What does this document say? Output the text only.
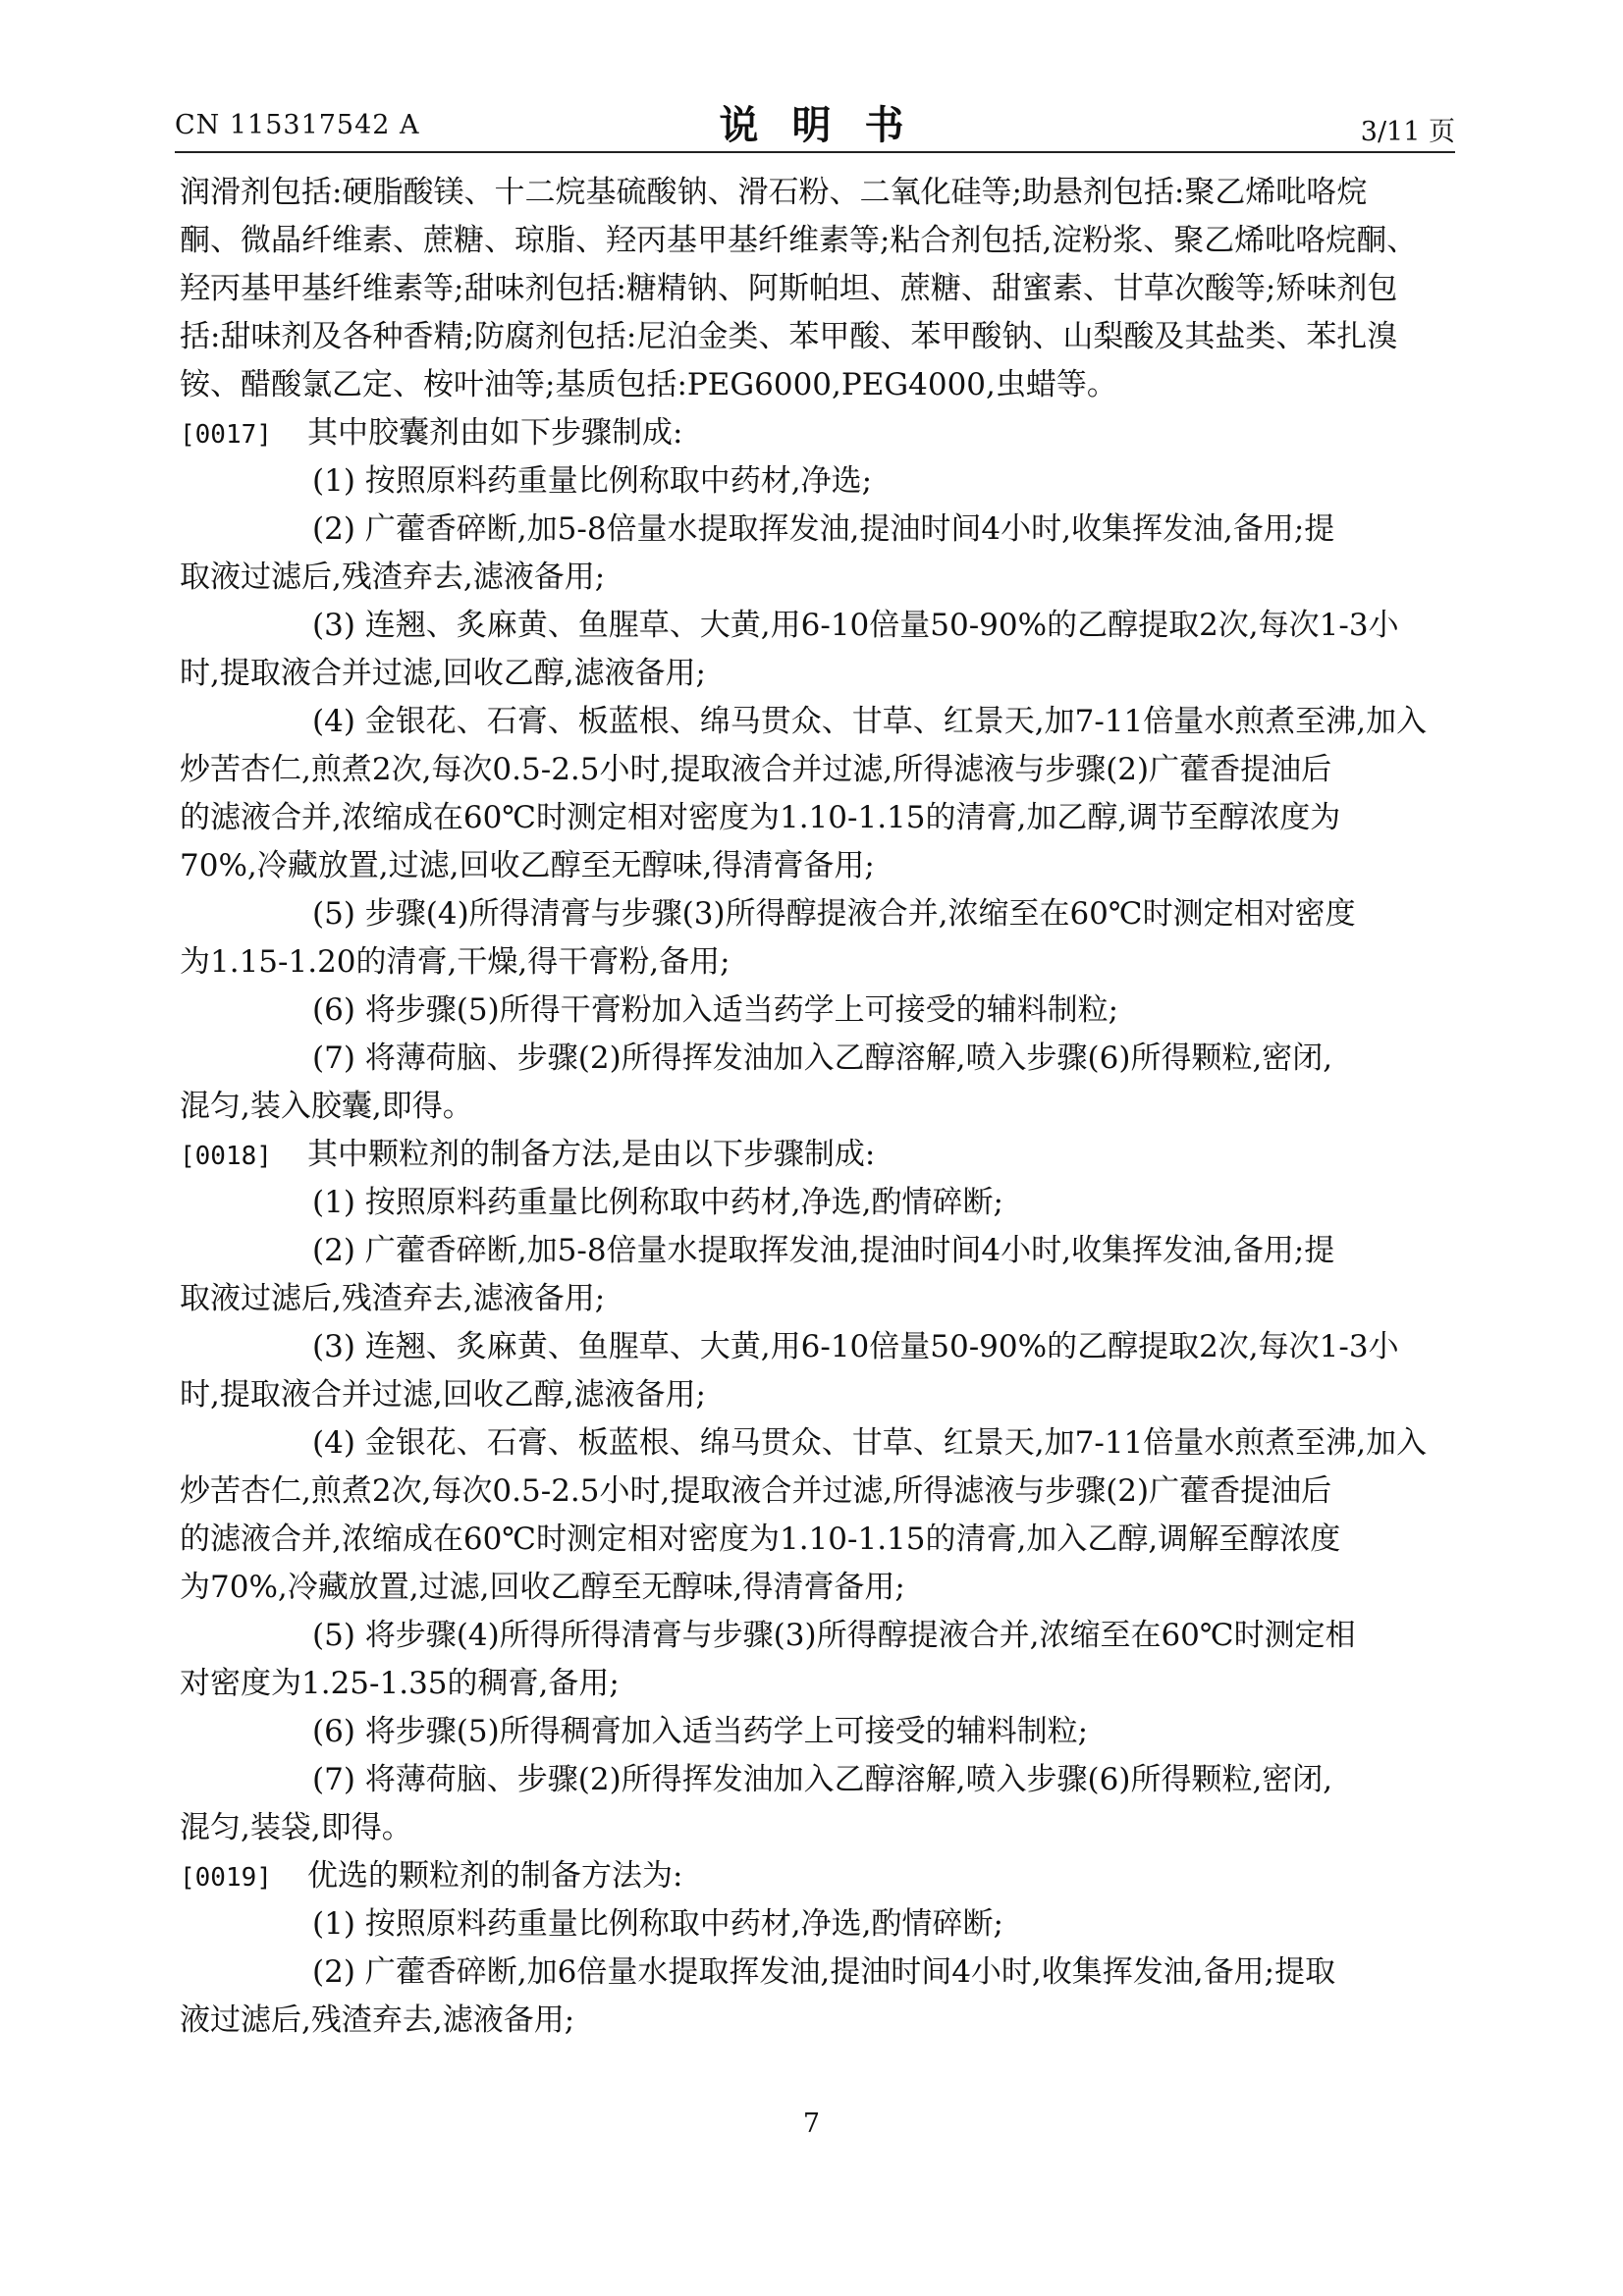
CN 115317542 A	说明书	3/11 页
润滑剂包括:硬脂酸镁、十二烷基硫酸钠、滑石粉、二氧化硅等;助悬剂包括:聚乙烯吡咯烷
酮、微晶纤维素、蔗糖、琼脂、羟丙基甲基纤维素等;粘合剂包括,淀粉浆、聚乙烯吡咯烷酮、
羟丙基甲基纤维素等;甜味剂包括:糖精钠、阿斯帕坦、蔗糖、甜蜜素、甘草次酸等;矫味剂包
括:甜味剂及各种香精;防腐剂包括:尼泊金类、苯甲酸、苯甲酸钠、山梨酸及其盐类、苯扎溴
铵、醋酸氯乙定、桉叶油等;基质包括:PEG6000,PEG4000,虫蜡等。
[0017] 其中胶囊剂由如下步骤制成:
(1) 按照原料药重量比例称取中药材,净选;
(2) 广藿香碎断,加5-8倍量水提取挥发油,提油时间4小时,收集挥发油,备用;提
取液过滤后,残渣弃去,滤液备用;
(3) 连翘、炙麻黄、鱼腥草、大黄,用6-10倍量50-90%的乙醇提取2次,每次1-3小
时,提取液合并过滤,回收乙醇,滤液备用;
(4) 金银花、石膏、板蓝根、绵马贯众、甘草、红景天,加7-11倍量水煎煮至沸,加入
炒苦杏仁,煎煮2次,每次0.5-2.5小时,提取液合并过滤,所得滤液与步骤(2)广藿香提油后
的滤液合并,浓缩成在60℃时测定相对密度为1.10-1.15的清膏,加乙醇,调节至醇浓度为
70%,冷藏放置,过滤,回收乙醇至无醇味,得清膏备用;
(5) 步骤(4)所得清膏与步骤(3)所得醇提液合并,浓缩至在60℃时测定相对密度
为1.15-1.20的清膏,干燥,得干膏粉,备用;
(6) 将步骤(5)所得干膏粉加入适当药学上可接受的辅料制粒;
(7) 将薄荷脑、步骤(2)所得挥发油加入乙醇溶解,喷入步骤(6)所得颗粒,密闭,
混匀,装入胶囊,即得。
[0018] 其中颗粒剂的制备方法,是由以下步骤制成:
(1) 按照原料药重量比例称取中药材,净选,酌情碎断;
(2) 广藿香碎断,加5-8倍量水提取挥发油,提油时间4小时,收集挥发油,备用;提
取液过滤后,残渣弃去,滤液备用;
(3) 连翘、炙麻黄、鱼腥草、大黄,用6-10倍量50-90%的乙醇提取2次,每次1-3小
时,提取液合并过滤,回收乙醇,滤液备用;
(4) 金银花、石膏、板蓝根、绵马贯众、甘草、红景天,加7-11倍量水煎煮至沸,加入
炒苦杏仁,煎煮2次,每次0.5-2.5小时,提取液合并过滤,所得滤液与步骤(2)广藿香提油后
的滤液合并,浓缩成在60℃时测定相对密度为1.10-1.15的清膏,加入乙醇,调解至醇浓度
为70%,冷藏放置,过滤,回收乙醇至无醇味,得清膏备用;
(5) 将步骤(4)所得所得清膏与步骤(3)所得醇提液合并,浓缩至在60℃时测定相
对密度为1.25-1.35的稠膏,备用;
(6) 将步骤(5)所得稠膏加入适当药学上可接受的辅料制粒;
(7) 将薄荷脑、步骤(2)所得挥发油加入乙醇溶解,喷入步骤(6)所得颗粒,密闭,
混匀,装袋,即得。
[0019] 优选的颗粒剂的制备方法为:
(1) 按照原料药重量比例称取中药材,净选,酌情碎断;
(2) 广藿香碎断,加6倍量水提取挥发油,提油时间4小时,收集挥发油,备用;提取
液过滤后,残渣弃去,滤液备用;
7
